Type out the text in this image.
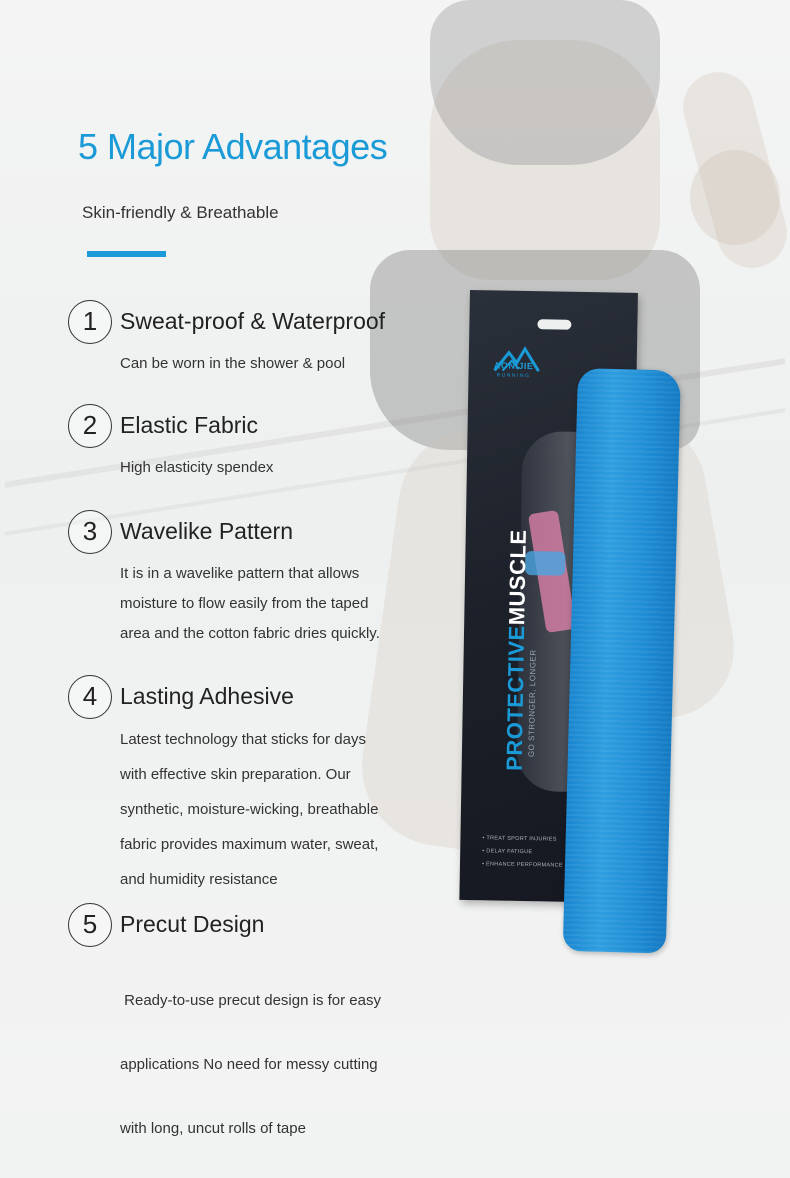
5 Major Advantages
Skin-friendly & Breathable
1 Sweat-proof & Waterproof
Can be worn in the shower & pool
2 Elastic Fabric
High elasticity spendex
3 Wavelike Pattern
It is in a wavelike pattern that allows
moisture to flow easily from the taped
area and the cotton fabric dries quickly.
4 Lasting Adhesive
Latest technology that sticks for days
with effective skin preparation. Our
synthetic, moisture-wicking, breathable
fabric provides maximum water, sweat,
and humidity resistance
5 Precut Design

Ready-to-use precut design is for easy

applications No need for messy cutting

with long, uncut rolls of tape

AONIJIE
RUNNING
PROTECTIVEMUSCLE
GO STRONGER, LONGER
• TREAT SPORT INJURIES
• DELAY FATIGUE
• ENHANCE PERFORMANCE
